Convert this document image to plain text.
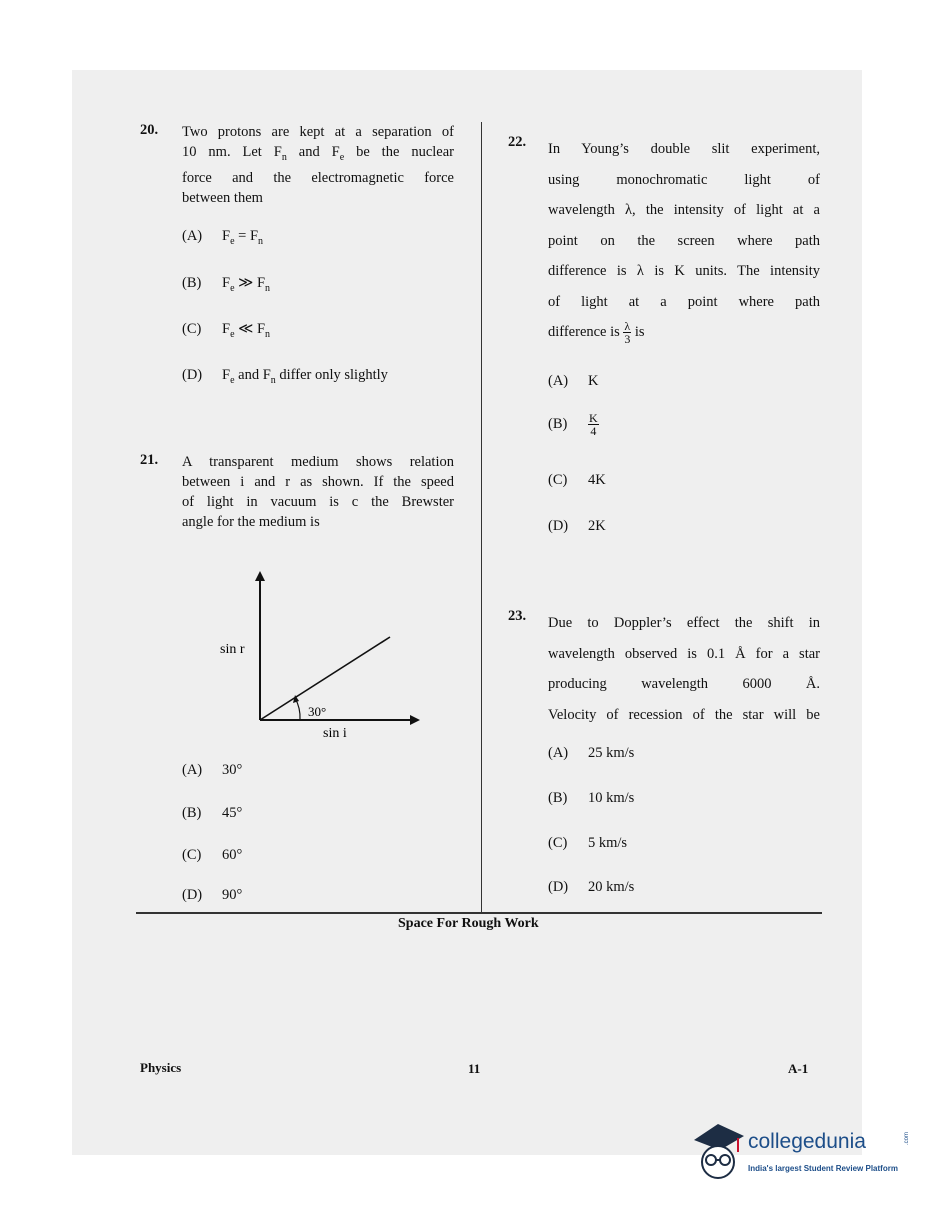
20. Two protons are kept at a separation of
10 nm. Let $F_n$ and $F_e$ be the nuclear
force and the electromagnetic force
between them
(A) $F_e = F_n$
(B) $F_e$ ≫ $F_n$
(C) $F_e$ ≪ $F_n$
(D) $F_e$ and $F_n$ differ only slightly
21. A transparent medium shows relation
between i and r as shown. If the speed
of light in vacuum is c the Brewster
angle for the medium is
sin r
sin i
30°
(A) 30°
(B) 45°
(C) 60°
(D) 90°
22. In Young’s double slit experiment,
using monochromatic light of
wavelength λ, the intensity of light at a
point on the screen where path
difference is λ is K units. The intensity
of light at a point where path
difference is $\frac{\lambda}{3}$ is
(A) K
$(B) \frac{K}{4}$
(C) 4K
(D) 2K
23. Due to Doppler’s effect the shift in
wavelength observed is 0.1 Å for a star
producing wavelength 6000 Å.
Velocity of recession of the star will be
(A) 25 km/s
(B) 10 km/s
(C) 5 km/s
(D) 20 km/s
Space For Rough Work
Physics	11	A-1
collegedunia	.com
India's largest Student Review Platform
